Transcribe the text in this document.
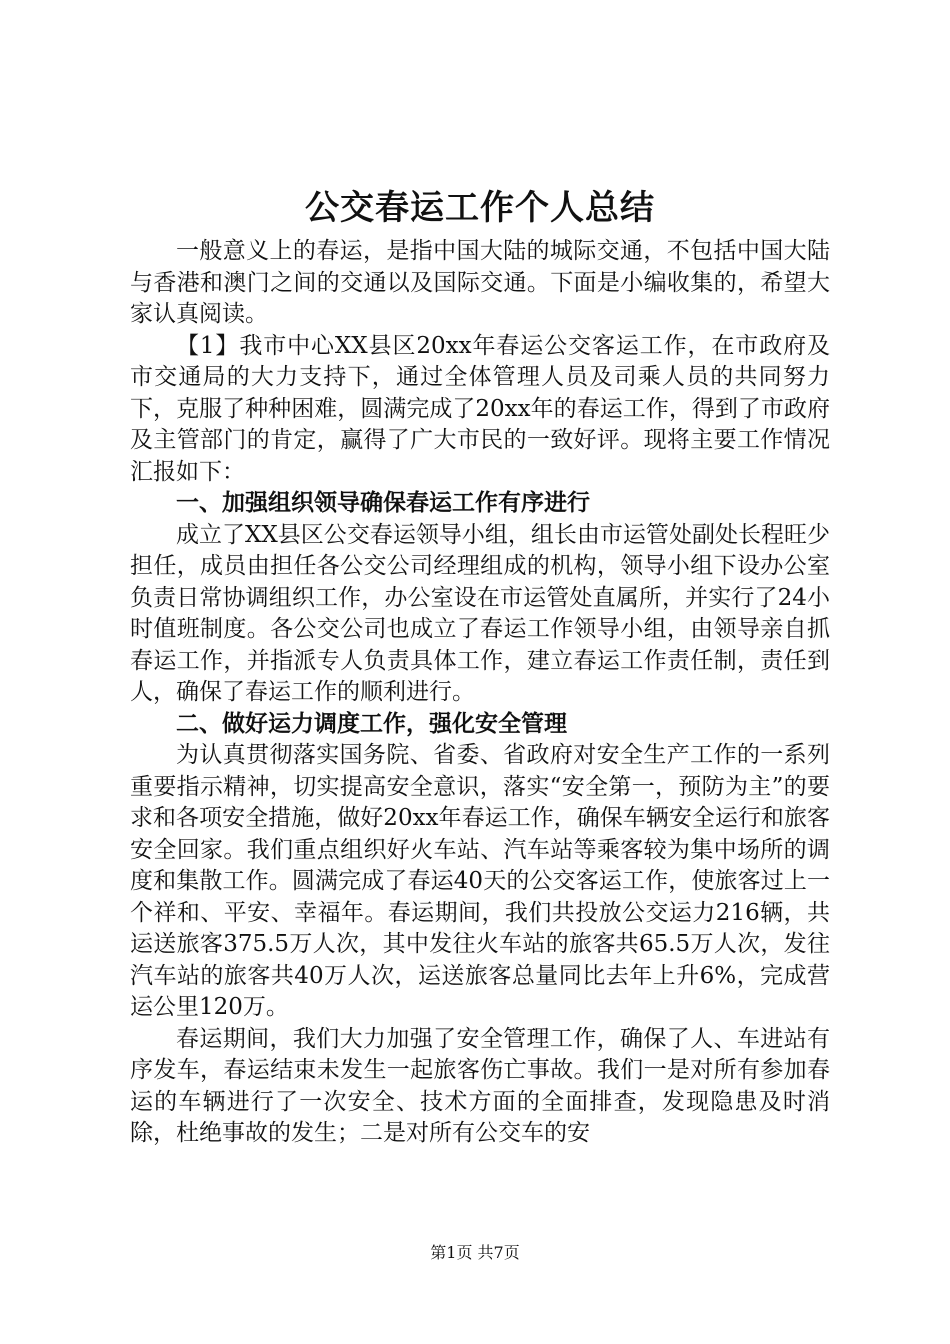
公交春运工作个人总结

一般意义上的春运，是指中国大陆的城际交通，不包括中国大陆与香港和澳门之间的交通以及国际交通。下面是小编收集的，希望大家认真阅读。

【1】我市中心XX县区20xx年春运公交客运工作，在市政府及市交通局的大力支持下，通过全体管理人员及司乘人员的共同努力下，克服了种种困难，圆满完成了20xx年的春运工作，得到了市政府及主管部门的肯定，赢得了广大市民的一致好评。现将主要工作情况汇报如下：

一、加强组织领导确保春运工作有序进行

成立了XX县区公交春运领导小组，组长由市运管处副处长程旺少担任，成员由担任各公交公司经理组成的机构，领导小组下设办公室负责日常协调组织工作，办公室设在市运管处直属所，并实行了24小时值班制度。各公交公司也成立了春运工作领导小组，由领导亲自抓春运工作，并指派专人负责具体工作，建立春运工作责任制，责任到人，确保了春运工作的顺利进行。

二、做好运力调度工作，强化安全管理

为认真贯彻落实国务院、省委、省政府对安全生产工作的一系列重要指示精神，切实提高安全意识，落实“安全第一，预防为主”的要求和各项安全措施，做好20xx年春运工作，确保车辆安全运行和旅客安全回家。我们重点组织好火车站、汽车站等乘客较为集中场所的调度和集散工作。圆满完成了春运40天的公交客运工作，使旅客过上一个祥和、平安、幸福年。春运期间，我们共投放公交运力216辆，共运送旅客375.5万人次，其中发往火车站的旅客共65.5万人次，发往汽车站的旅客共40万人次，运送旅客总量同比去年上升6%，完成营运公里120万。

春运期间，我们大力加强了安全管理工作，确保了人、车进站有序发车，春运结束未发生一起旅客伤亡事故。我们一是对所有参加春运的车辆进行了一次安全、技术方面的全面排查，发现隐患及时消除，杜绝事故的发生；二是对所有公交车的安

第1页 共7页
